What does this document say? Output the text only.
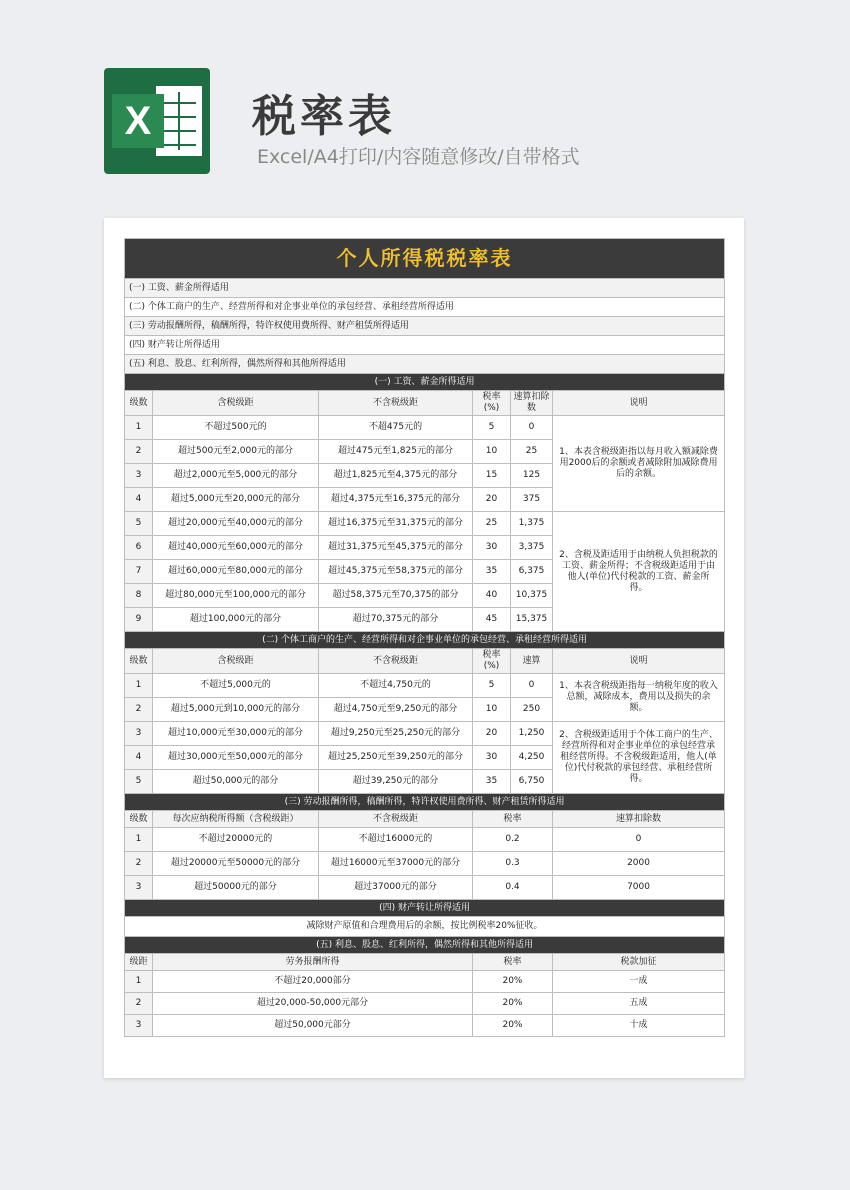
X 税率表
Excel/A4打印/内容随意修改/自带格式
个人所得税税率表					
(一) 工资、薪金所得适用					
(二) 个体工商户的生产、经营所得和对企事业单位的承包经营、承租经营所得适用					
(三) 劳动报酬所得，稿酬所得，特许权使用费所得、财产租赁所得适用					
(四) 财产转让所得适用					
(五) 利息、股息、红利所得，偶然所得和其他所得适用					
(一) 工资、薪金所得适用					
级数	含税级距	不含税级距	税率(%)	速算扣除数	说明
1	不超过500元的	不超475元的	5	0	1、本表含税级距指以每月收入额减除费用2000后的余额或者减除附加减除费用后的余额。
2	超过500元至2,000元的部分	超过475元至1,825元的部分	10	25	
3	超过2,000元至5,000元的部分	超过1,825元至4,375元的部分	15	125	
4	超过5,000元至20,000元的部分	超过4,375元至16,375元的部分	20	375	
5	超过20,000元至40,000元的部分	超过16,375元至31,375元的部分	25	1,375	2、含税及距适用于由纳税人负担税款的工资、薪金所得；不含税级距适用于由他人(单位)代付税款的工资、薪金所得。
6	超过40,000元至60,000元的部分	超过31,375元至45,375元的部分	30	3,375	
7	超过60,000元至80,000元的部分	超过45,375元至58,375元的部分	35	6,375	
8	超过80,000元至100,000元的部分	超过58,375元至70,375的部分	40	10,375	
9	超过100,000元的部分	超过70,375元的部分	45	15,375	
(二) 个体工商户的生产、经营所得和对企事业单位的承包经营、承租经营所得适用					
级数	含税级距	不含税级距	税率(%)	速算	说明
1	不超过5,000元的	不超过4,750元的	5	0	1、本表含税级距指每一纳税年度的收入总额，减除成本，费用以及损失的余额。
2	超过5,000元到10,000元的部分	超过4,750元至9,250元的部分	10	250	
3	超过10,000元至30,000元的部分	超过9,250元至25,250元的部分	20	1,250	2、含税级距适用于个体工商户的生产、经营所得和对企事业单位的承包经营承租经营所得。不含税级距适用，他人(单位)代付税款的承包经营、承租经营所得。
4	超过30,000元至50,000元的部分	超过25,250元至39,250元的部分	30	4,250	
5	超过50,000元的部分	超过39,250元的部分	35	6,750	
(三) 劳动报酬所得，稿酬所得，特许权使用费所得、财产租赁所得适用					
级数	每次应纳税所得额（含税级距）	不含税级距	税率		速算扣除数
1	不超过20000元的	不超过16000元的	0.2		0
2	超过20000元至50000元的部分	超过16000元至37000元的部分	0.3		2000
3	超过50000元的部分	超过37000元的部分	0.4		7000
(四) 财产转让所得适用					
减除财产原值和合理费用后的余额，按比例税率20%征收。					
(五) 利息、股息、红利所得，偶然所得和其他所得适用					
级距	劳务报酬所得		税率		税款加征
1	不超过20,000部分		20%		一成
2	超过20,000-50,000元部分		20%		五成
3	超过50,000元部分		20%		十成
